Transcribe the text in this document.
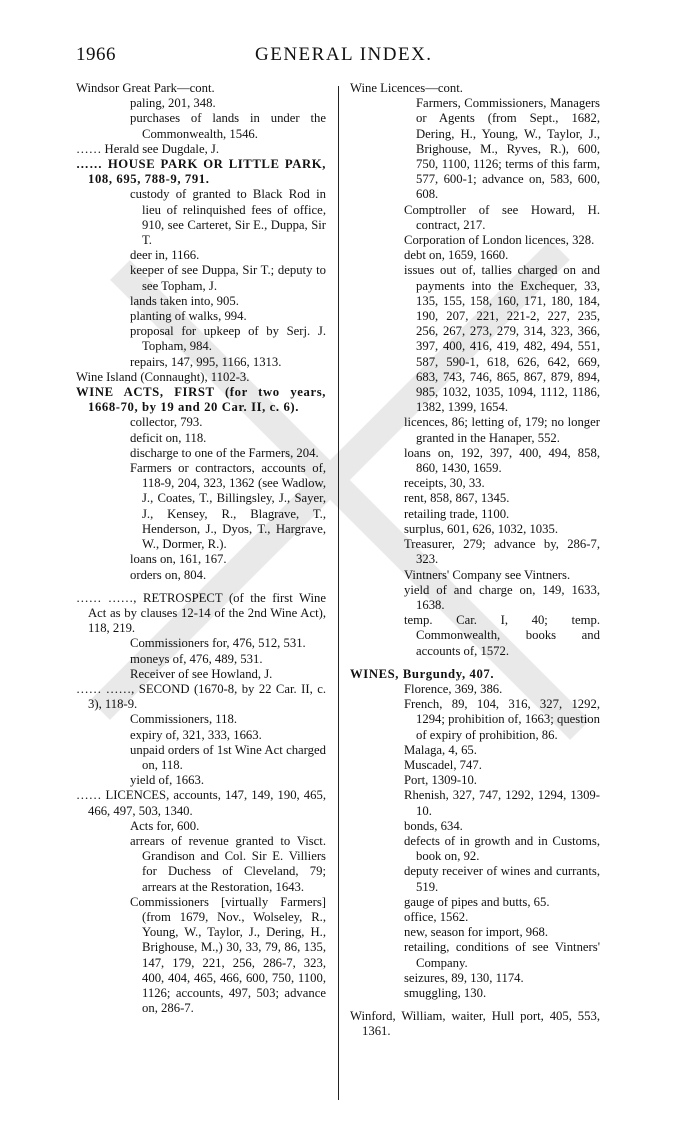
1966	GENERAL INDEX.
Windsor Great Park—cont.
paling, 201, 348.
purchases of lands in under the Commonwealth, 1546.
…… Herald see Dugdale, J.
…… HOUSE PARK OR LITTLE PARK, 108, 695, 788-9, 791.
custody of granted to Black Rod in lieu of relinquished fees of office, 910, see Carteret, Sir E., Duppa, Sir T.
deer in, 1166.
keeper of see Duppa, Sir T.; deputy to see Topham, J.
lands taken into, 905.
planting of walks, 994.
proposal for upkeep of by Serj. J. Topham, 984.
repairs, 147, 995, 1166, 1313.
Wine Island (Connaught), 1102-3.
WINE ACTS, FIRST (for two years, 1668-70, by 19 and 20 Car. II, c. 6).
collector, 793.
deficit on, 118.
discharge to one of the Farmers, 204.
Farmers or contractors, accounts of, 118-9, 204, 323, 1362 (see Wadlow, J., Coates, T., Billingsley, J., Sayer, J., Kensey, R., Blagrave, T., Henderson, J., Dyos, T., Hargrave, W., Dormer, R.).
loans on, 161, 167.
orders on, 804.
…… ……, RETROSPECT (of the first Wine Act as by clauses 12-14 of the 2nd Wine Act), 118, 219.
Commissioners for, 476, 512, 531.
moneys of, 476, 489, 531.
Receiver of see Howland, J.
…… ……, SECOND (1670-8, by 22 Car. II, c. 3), 118-9.
Commissioners, 118.
expiry of, 321, 333, 1663.
unpaid orders of 1st Wine Act charged on, 118.
yield of, 1663.
…… LICENCES, accounts, 147, 149, 190, 465, 466, 497, 503, 1340.
Acts for, 600.
arrears of revenue granted to Visct. Grandison and Col. Sir E. Villiers for Duchess of Cleveland, 79; arrears at the Restoration, 1643.
Commissioners [virtually Farmers] (from 1679, Nov., Wolseley, R., Young, W., Taylor, J., Dering, H., Brighouse, M.,) 30, 33, 79, 86, 135, 147, 179, 221, 256, 286-7, 323, 400, 404, 465, 466, 600, 750, 1100, 1126; accounts, 497, 503; advance on, 286-7.
Wine Licences—cont.
Farmers, Commissioners, Managers or Agents (from Sept., 1682, Dering, H., Young, W., Taylor, J., Brighouse, M., Ryves, R.), 600, 750, 1100, 1126; terms of this farm, 577, 600-1; advance on, 583, 600, 608.
Comptroller of see Howard, H. contract, 217.
Corporation of London licences, 328.
debt on, 1659, 1660.
issues out of, tallies charged on and payments into the Exchequer, 33, 135, 155, 158, 160, 171, 180, 184, 190, 207, 221, 221-2, 227, 235, 256, 267, 273, 279, 314, 323, 366, 397, 400, 416, 419, 482, 494, 551, 587, 590-1, 618, 626, 642, 669, 683, 743, 746, 865, 867, 879, 894, 985, 1032, 1035, 1094, 1112, 1186, 1382, 1399, 1654.
licences, 86; letting of, 179; no longer granted in the Hanaper, 552.
loans on, 192, 397, 400, 494, 858, 860, 1430, 1659.
receipts, 30, 33.
rent, 858, 867, 1345.
retailing trade, 1100.
surplus, 601, 626, 1032, 1035.
Treasurer, 279; advance by, 286-7, 323.
Vintners' Company see Vintners.
yield of and charge on, 149, 1633, 1638.
temp. Car. I, 40; temp. Commonwealth, books and accounts of, 1572.
WINES, Burgundy, 407.
Florence, 369, 386.
French, 89, 104, 316, 327, 1292, 1294; prohibition of, 1663; question of expiry of prohibition, 86.
Malaga, 4, 65.
Muscadel, 747.
Port, 1309-10.
Rhenish, 327, 747, 1292, 1294, 1309-10.
bonds, 634.
defects of in growth and in Customs, book on, 92.
deputy receiver of wines and currants, 519.
gauge of pipes and butts, 65.
office, 1562.
new, season for import, 968.
retailing, conditions of see Vintners' Company.
seizures, 89, 130, 1174.
smuggling, 130.
Winford, William, waiter, Hull port, 405, 553, 1361.
